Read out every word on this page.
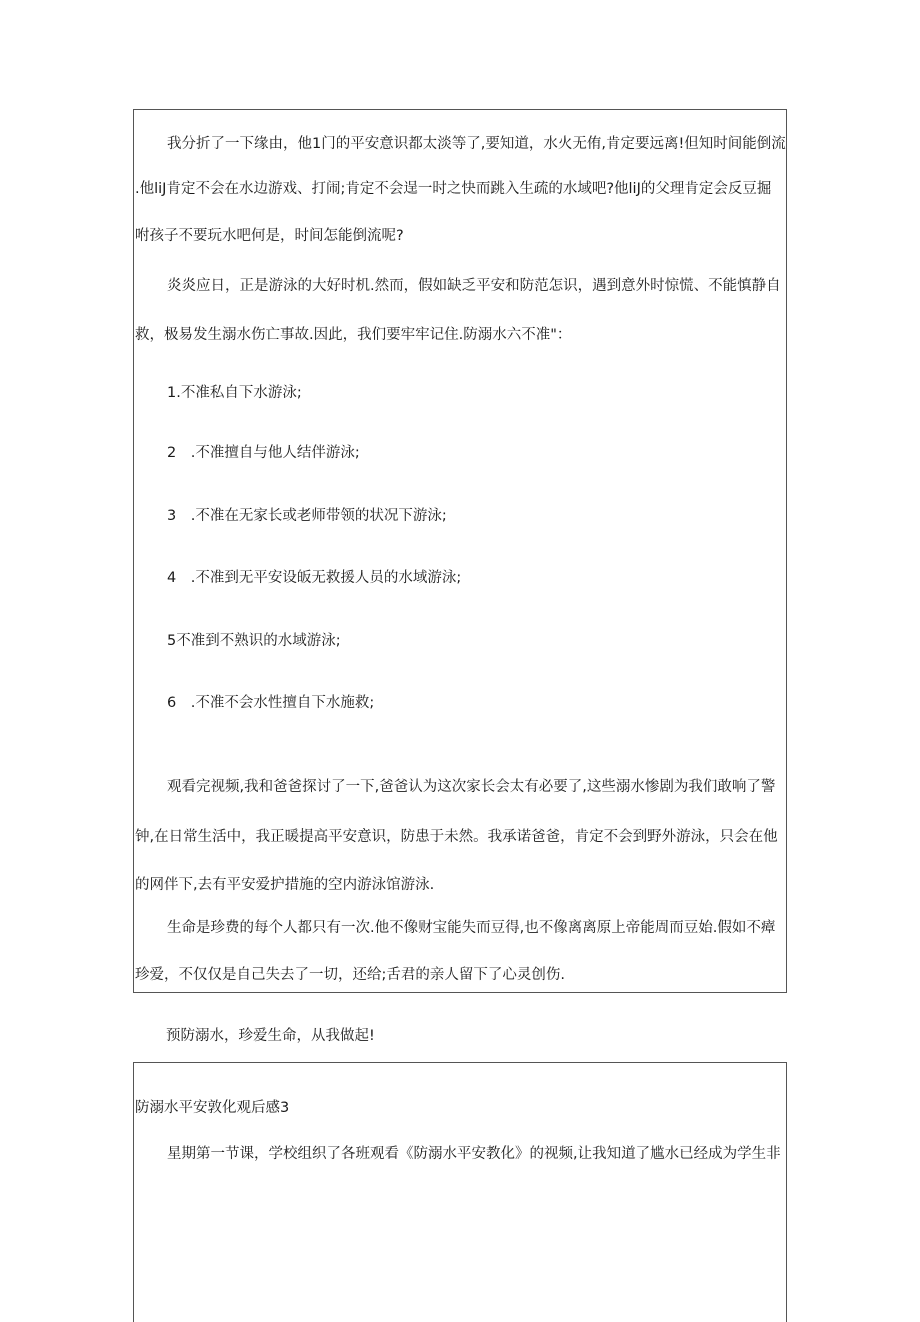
我分折了一下缘由，他1门的平安意识都太淡等了,要知道，水火无侑,肯定要远离!但知时间能倒流

.他liJ肯定不会在水边游戏、打闹;肯定不会逞一时之快而跳入生疏的水域吧?他liJ的父理肯定会反豆掘

咐孩子不要玩水吧何是，时间怎能倒流呢?

炎炎应日，正是游泳的大好时机.然而，假如缺乏平安和防范怎识，遇到意外时惊慌、不能慎静自

救，极易发生溺水伤亡事故.因此，我们要牢牢记住.防溺水六不准"：

1.不准私自下水游泳;

2　.不准擅自与他人结伴游泳;

3　.不准在无家长或老师带领的状况下游泳;

4　.不准到无平安设皈无救援人员的水域游泳;

5不准到不熟识的水域游泳;

6　.不准不会水性擅自下水施救;

观看完视频,我和爸爸探讨了一下,爸爸认为这次家长会太有必要了,这些溺水惨剧为我们敢响了警

钟,在日常生活中，我正暖提高平安意识，防患于未然。我承诺爸爸，肯定不会到野外游泳，只会在他

的网伴下,去有平安爱护措施的空内游泳馆游泳.

生命是珍费的每个人都只有一次.他不像财宝能失而豆得,也不像离离原上帝能周而豆始.假如不瘴

珍爱，不仅仅是自己失去了一切，还给;舌君的亲人留下了心灵创伤.

预防溺水，珍爱生命，从我做起!

防溺水平安敦化观后感3

星期第一节课，学校组织了各班观看《防溺水平安教化》的视频,让我知道了尴水已经成为学生非
